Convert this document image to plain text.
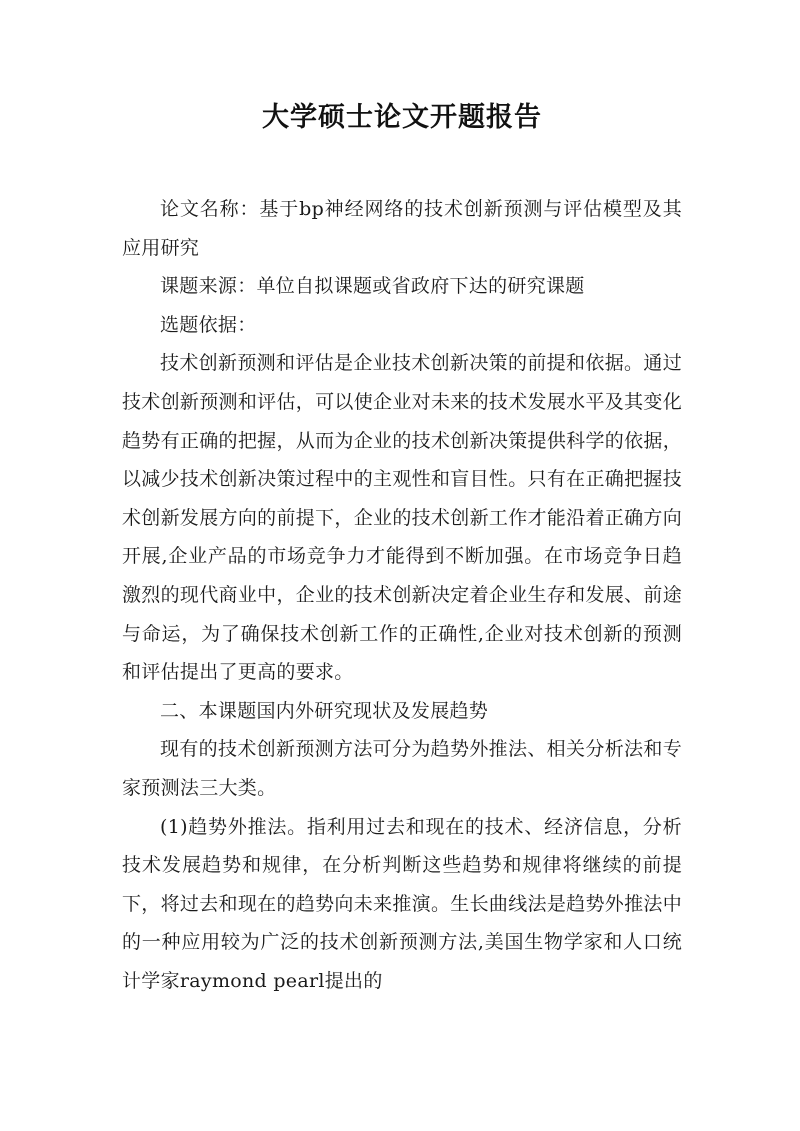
大学硕士论文开题报告

论文名称：基于bp神经网络的技术创新预测与评估模型及其应用研究

课题来源：单位自拟课题或省政府下达的研究课题

选题依据：

技术创新预测和评估是企业技术创新决策的前提和依据。通过技术创新预测和评估，可以使企业对未来的技术发展水平及其变化趋势有正确的把握，从而为企业的技术创新决策提供科学的依据，以减少技术创新决策过程中的主观性和盲目性。只有在正确把握技术创新发展方向的前提下，企业的技术创新工作才能沿着正确方向开展,企业产品的市场竞争力才能得到不断加强。在市场竞争日趋激烈的现代商业中，企业的技术创新决定着企业生存和发展、前途与命运，为了确保技术创新工作的正确性,企业对技术创新的预测和评估提出了更高的要求。

二、本课题国内外研究现状及发展趋势

现有的技术创新预测方法可分为趋势外推法、相关分析法和专家预测法三大类。

(1)趋势外推法。指利用过去和现在的技术、经济信息，分析技术发展趋势和规律，在分析判断这些趋势和规律将继续的前提下，将过去和现在的趋势向未来推演。生长曲线法是趋势外推法中的一种应用较为广泛的技术创新预测方法,美国生物学家和人口统计学家raymond pearl提出的
